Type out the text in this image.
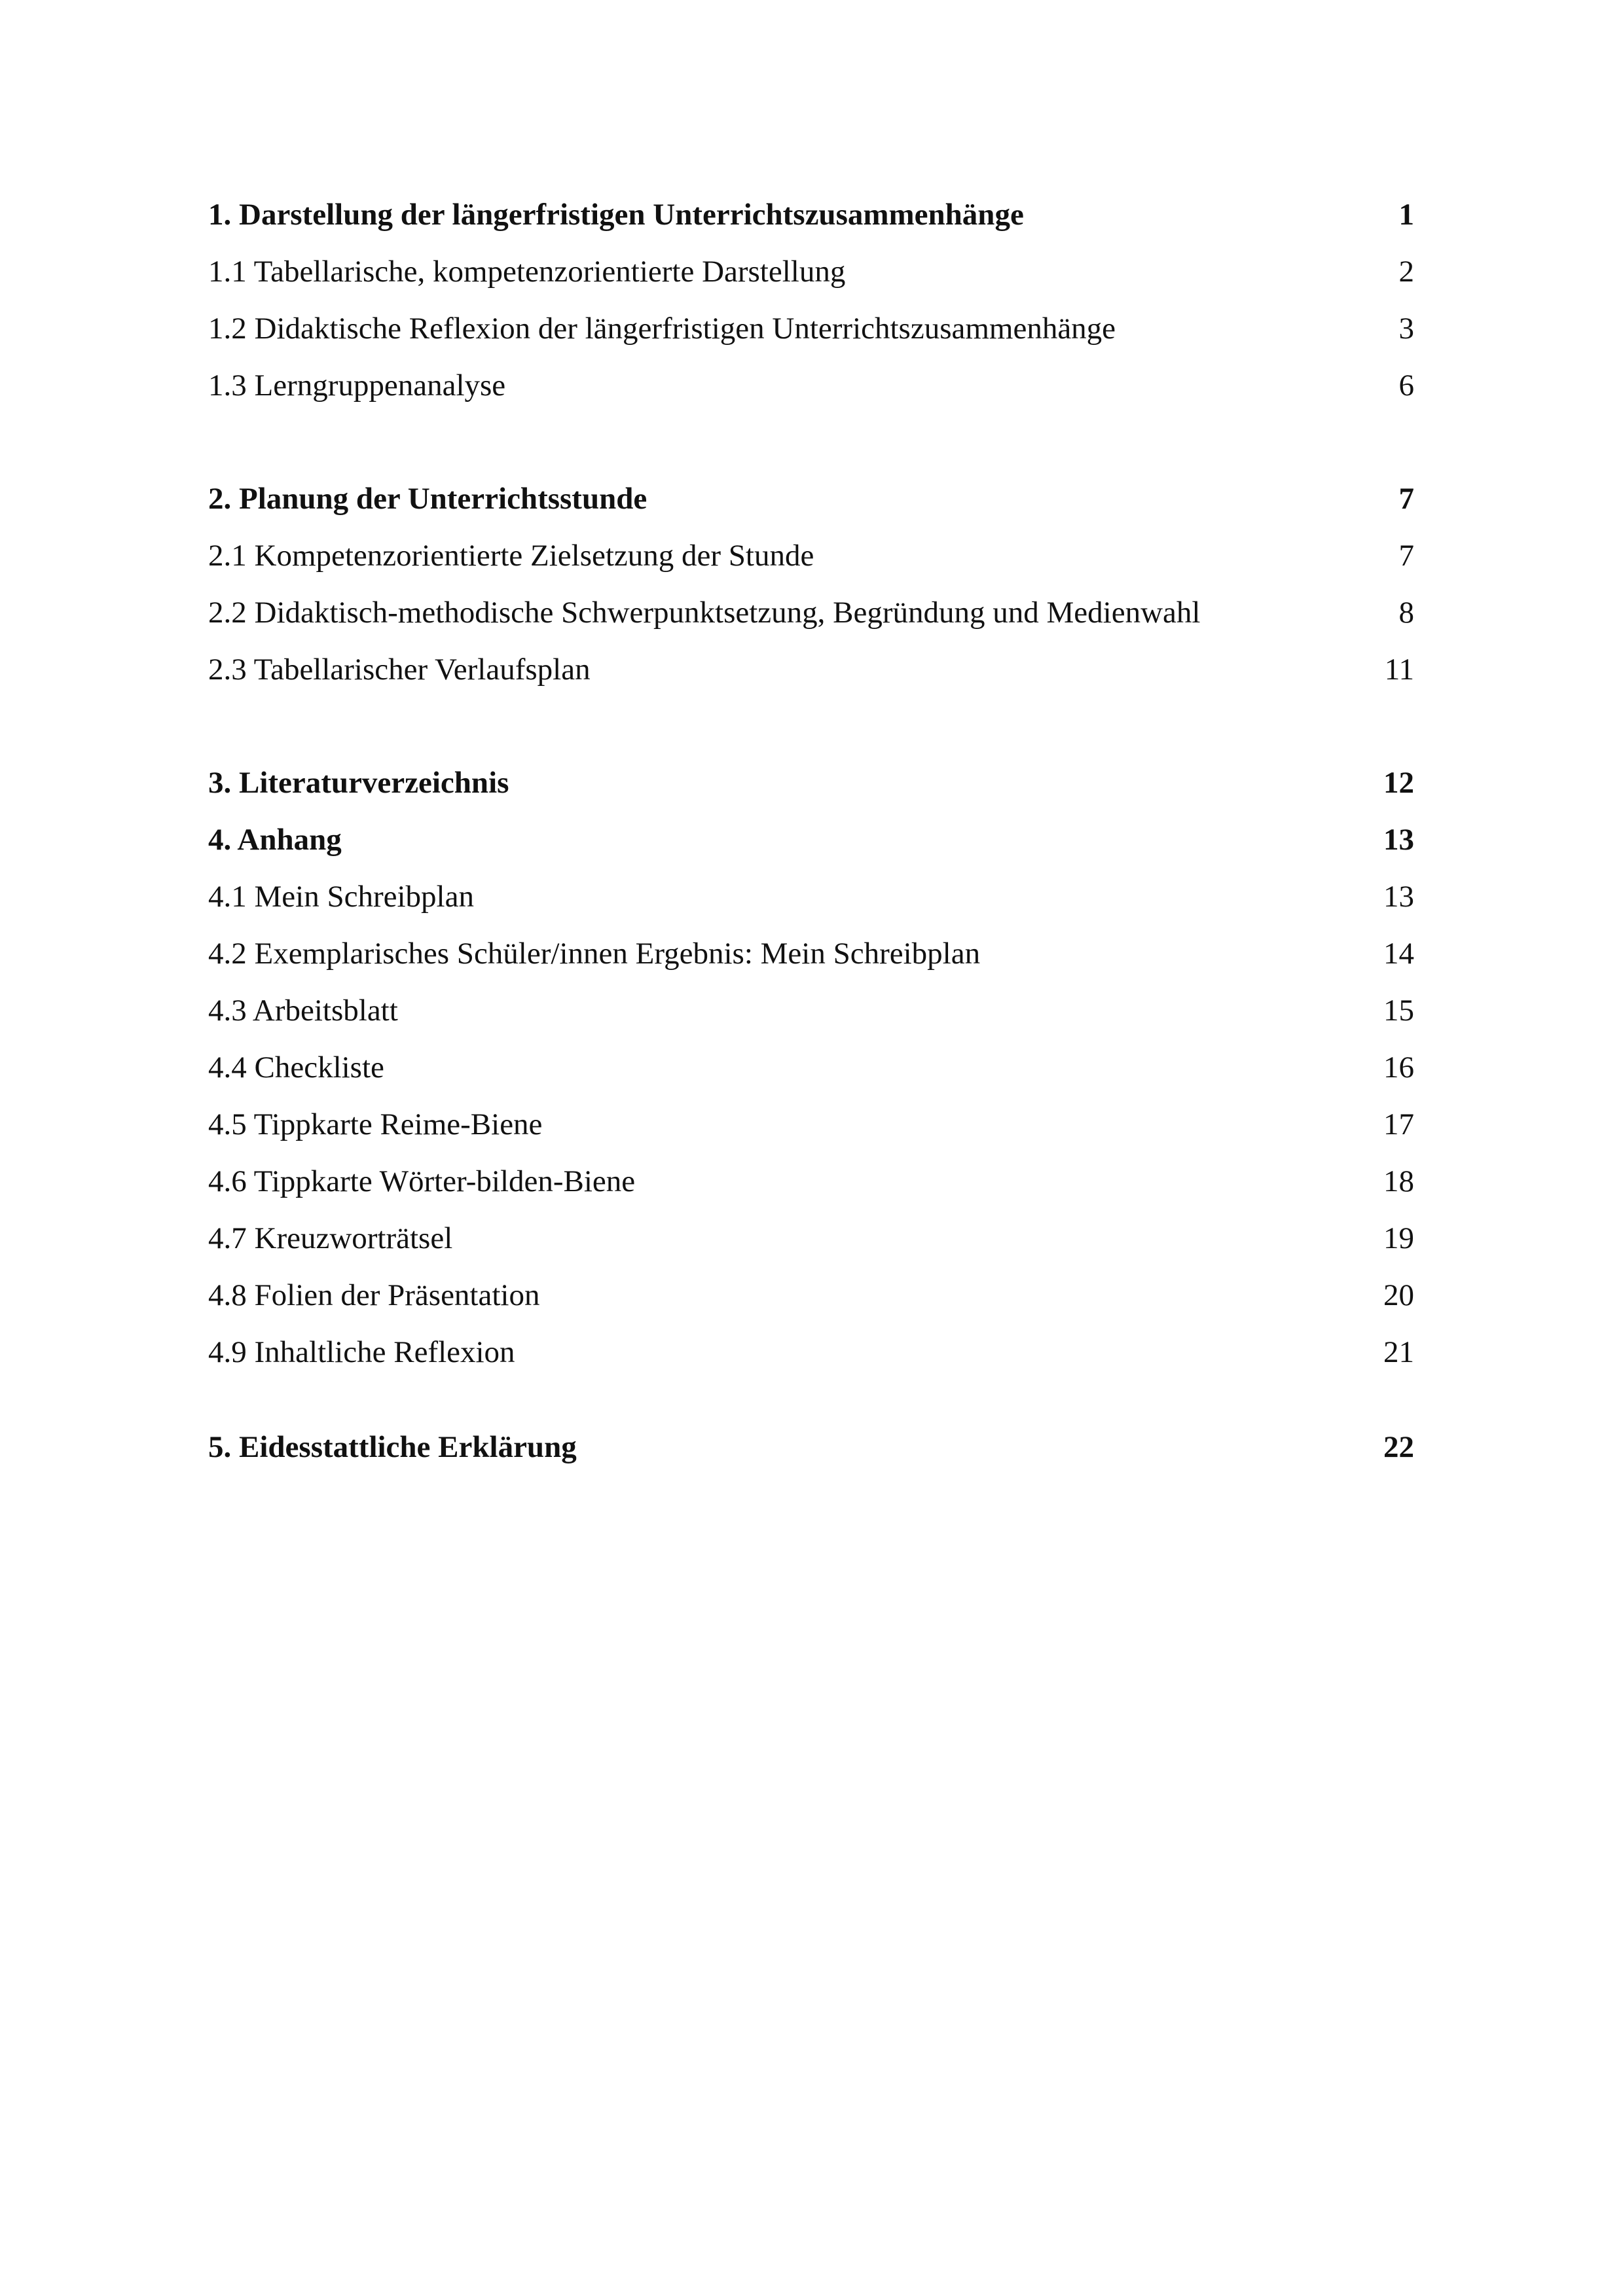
1. Darstellung der längerfristigen Unterrichtszusammenhänge	1
1.1 Tabellarische, kompetenzorientierte Darstellung	2
1.2 Didaktische Reflexion der längerfristigen Unterrichtszusammenhänge	3
1.3 Lerngruppenanalyse	6
2. Planung der Unterrichtsstunde	7
2.1 Kompetenzorientierte Zielsetzung der Stunde	7
2.2 Didaktisch-methodische Schwerpunktsetzung, Begründung und Medienwahl	8
2.3 Tabellarischer Verlaufsplan	11
3. Literaturverzeichnis	12
4. Anhang	13
4.1 Mein Schreibplan	13
4.2 Exemplarisches Schüler/innen Ergebnis: Mein Schreibplan	14
4.3 Arbeitsblatt	15
4.4 Checkliste	16
4.5 Tippkarte Reime-Biene	17
4.6 Tippkarte Wörter-bilden-Biene	18
4.7 Kreuzworträtsel	19
4.8 Folien der Präsentation	20
4.9 Inhaltliche Reflexion	21
5. Eidesstattliche Erklärung	22
